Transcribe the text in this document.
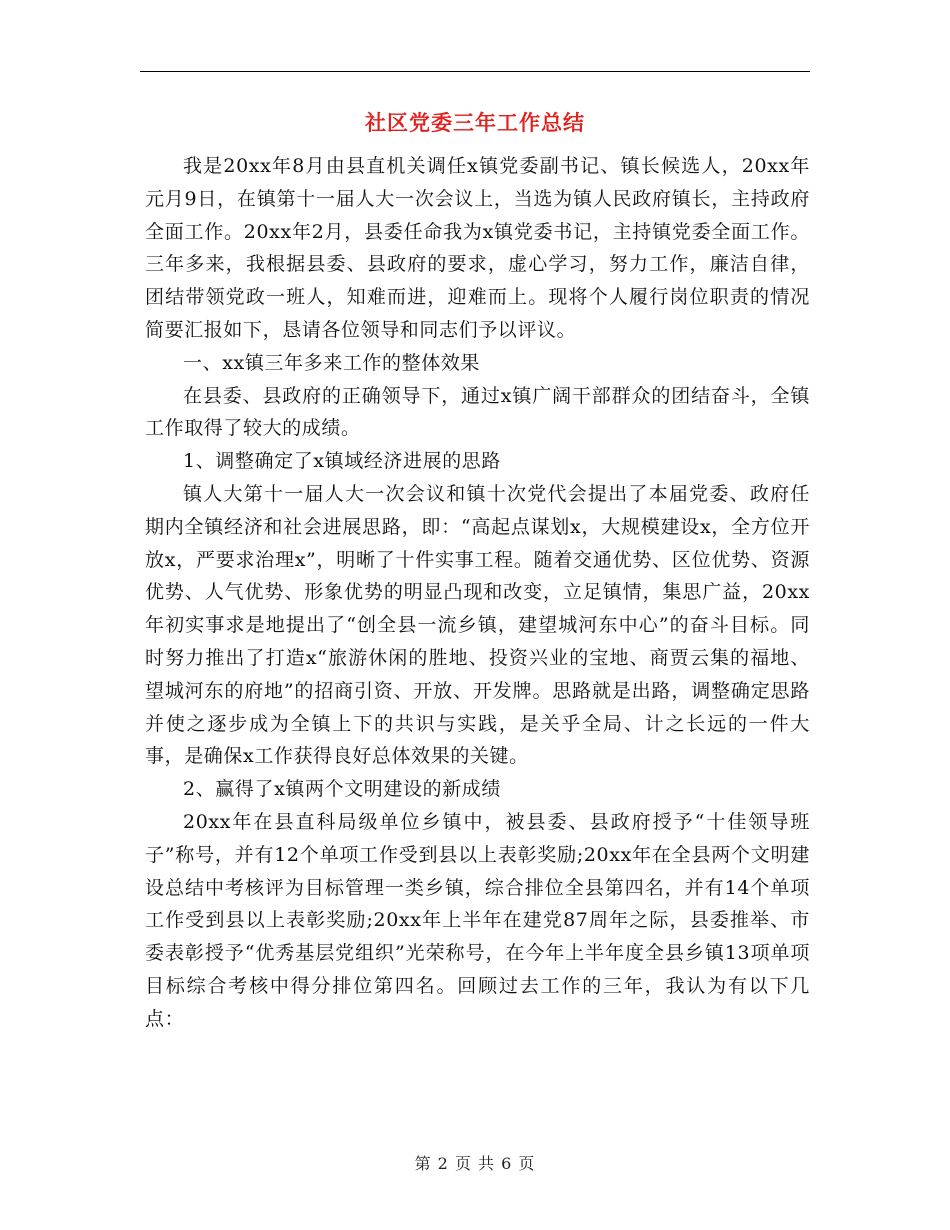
社区党委三年工作总结

我是20xx年8月由县直机关调任x镇党委副书记、镇长候选人，20xx年元月9日，在镇第十一届人大一次会议上，当选为镇人民政府镇长，主持政府全面工作。20xx年2月，县委任命我为x镇党委书记，主持镇党委全面工作。三年多来，我根据县委、县政府的要求，虚心学习，努力工作，廉洁自律，团结带领党政一班人，知难而进，迎难而上。现将个人履行岗位职责的情况简要汇报如下，恳请各位领导和同志们予以评议。

一、xx镇三年多来工作的整体效果

在县委、县政府的正确领导下，通过x镇广阔干部群众的团结奋斗，全镇工作取得了较大的成绩。

1、调整确定了x镇域经济进展的思路

镇人大第十一届人大一次会议和镇十次党代会提出了本届党委、政府任期内全镇经济和社会进展思路，即：“高起点谋划x，大规模建设x，全方位开放x，严要求治理x”，明晰了十件实事工程。随着交通优势、区位优势、资源优势、人气优势、形象优势的明显凸现和改变，立足镇情，集思广益，20xx年初实事求是地提出了“创全县一流乡镇，建望城河东中心”的奋斗目标。同时努力推出了打造x“旅游休闲的胜地、投资兴业的宝地、商贾云集的福地、望城河东的府地”的招商引资、开放、开发牌。思路就是出路，调整确定思路并使之逐步成为全镇上下的共识与实践，是关乎全局、计之长远的一件大事，是确保x工作获得良好总体效果的关键。

2、赢得了x镇两个文明建设的新成绩

20xx年在县直科局级单位乡镇中，被县委、县政府授予“十佳领导班子”称号，并有12个单项工作受到县以上表彰奖励;20xx年在全县两个文明建设总结中考核评为目标管理一类乡镇，综合排位全县第四名，并有14个单项工作受到县以上表彰奖励;20xx年上半年在建党87周年之际，县委推举、市委表彰授予“优秀基层党组织”光荣称号，在今年上半年度全县乡镇13项单项目标综合考核中得分排位第四名。回顾过去工作的三年，我认为有以下几点：

第 2 页 共 6 页
